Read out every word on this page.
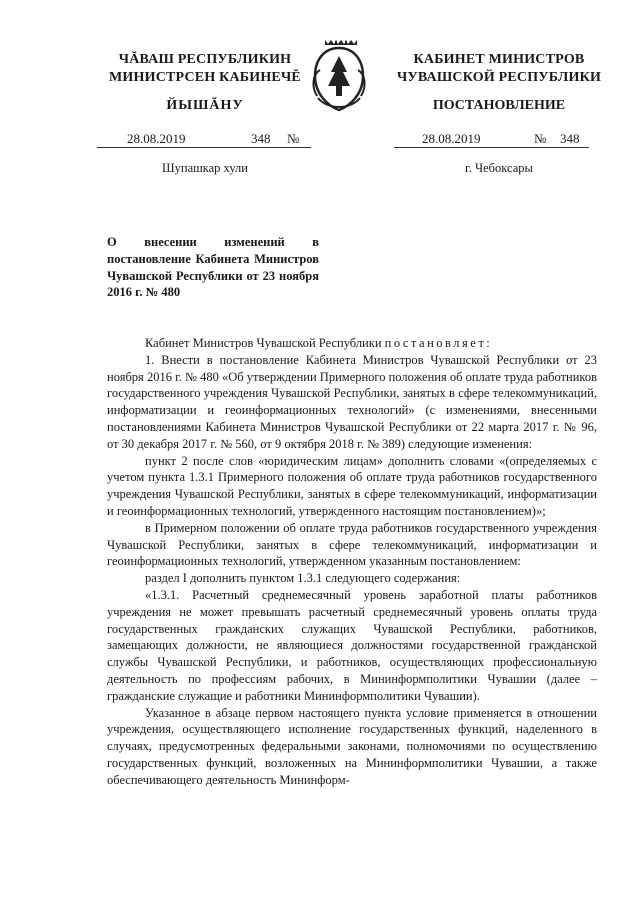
ЧĂВАШ РЕСПУБЛИКИН
МИНИСТРСЕН КАБИНЕЧĔ
ЙЫШĂНУ
КАБИНЕТ МИНИСТРОВ
ЧУВАШСКОЙ РЕСПУБЛИКИ
ПОСТАНОВЛЕНИЕ
28.08.2019	348 №	28.08.2019	№ 348
Шупашкар хули	г. Чебоксары
О внесении изменений в постановление Кабинета Министров Чувашской Республики от 23 ноября 2016 г. № 480

Кабинет Министров Чувашской Республики постановляет:

1. Внести в постановление Кабинета Министров Чувашской Республики от 23 ноября 2016 г. № 480 «Об утверждении Примерного положения об оплате труда работников государственного учреждения Чувашской Республики, занятых в сфере телекоммуникаций, информатизации и геоинформационных технологий» (с изменениями, внесенными постановлениями Кабинета Министров Чувашской Республики от 22 марта 2017 г. № 96, от 30 декабря 2017 г. № 560, от 9 октября 2018 г. № 389) следующие изменения:

пункт 2 после слов «юридическим лицам» дополнить словами «(определяемых с учетом пункта 1.3.1 Примерного положения об оплате труда работников государственного учреждения Чувашской Республики, занятых в сфере телекоммуникаций, информатизации и геоинформационных технологий, утвержденного настоящим постановлением)»;

в Примерном положении об оплате труда работников государственного учреждения Чувашской Республики, занятых в сфере телекоммуникаций, информатизации и геоинформационных технологий, утвержденном указанным постановлением:

раздел I дополнить пунктом 1.3.1 следующего содержания:

«1.3.1. Расчетный среднемесячный уровень заработной платы работников учреждения не может превышать расчетный среднемесячный уровень оплаты труда государственных гражданских служащих Чувашской Республики, работников, замещающих должности, не являющиеся должностями государственной гражданской службы Чувашской Республики, и работников, осуществляющих профессиональную деятельность по профессиям рабочих, в Мининформполитики Чувашии (далее – гражданские служащие и работники Мининформполитики Чувашии).

Указанное в абзаце первом настоящего пункта условие применяется в отношении учреждения, осуществляющего исполнение государственных функций, наделенного в случаях, предусмотренных федеральными законами, полномочиями по осуществлению государственных функций, возложенных на Мининформполитики Чувашии, а также обеспечивающего деятельность Мининформ-
